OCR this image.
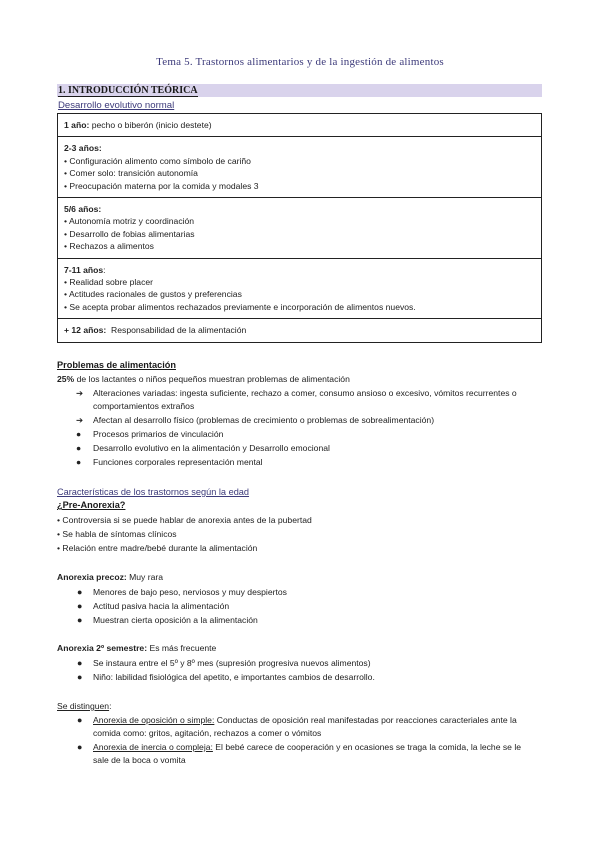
Tema 5. Trastornos alimentarios y de la ingestión de alimentos
1. INTRODUCCIÓN TEÓRICA
Desarrollo evolutivo normal
1 año: pecho o biberón (inicio destete)
2-3 años:
• Configuración alimento como símbolo de cariño
• Comer solo: transición autonomía
• Preocupación materna por la comida y modales 3
5/6 años:
• Autonomía motriz y coordinación
• Desarrollo de fobias alimentarias
• Rechazos a alimentos
7-11 años:
• Realidad sobre placer
• Actitudes racionales de gustos y preferencias
• Se acepta probar alimentos rechazados previamente e incorporación de alimentos nuevos.
+ 12 años:  Responsabilidad de la alimentación
Problemas de alimentación
25% de los lactantes o niños pequeños muestran problemas de alimentación
➔ Alteraciones variadas: ingesta suficiente, rechazo a comer, consumo ansioso o excesivo, vómitos recurrentes o
comportamientos extraños
➔ Afectan al desarrollo físico (problemas de crecimiento o problemas de sobrealimentación)
● Procesos primarios de vinculación
● Desarrollo evolutivo en la alimentación y Desarrollo emocional
● Funciones corporales representación mental
Características de los trastornos según la edad
¿Pre-Anorexia?
• Controversia si se puede hablar de anorexia antes de la pubertad
• Se habla de síntomas clínicos
• Relación entre madre/bebé durante la alimentación
Anorexia precoz: Muy rara
● Menores de bajo peso, nerviosos y muy despiertos
● Actitud pasiva hacia la alimentación
● Muestran cierta oposición a la alimentación
Anorexia 2º semestre: Es más frecuente
● Se instaura entre el 5º y 8º mes (supresión progresiva nuevos alimentos)
● Niño: labilidad fisiológica del apetito, e importantes cambios de desarrollo.
Se distinguen:
● Anorexia de oposición o simple: Conductas de oposición real manifestadas por reacciones caracteriales ante la
comida como: gritos, agitación, rechazos a comer o vómitos
● Anorexia de inercia o compleja: El bebé carece de cooperación y en ocasiones se traga la comida, la leche se le
sale de la boca o vomita
